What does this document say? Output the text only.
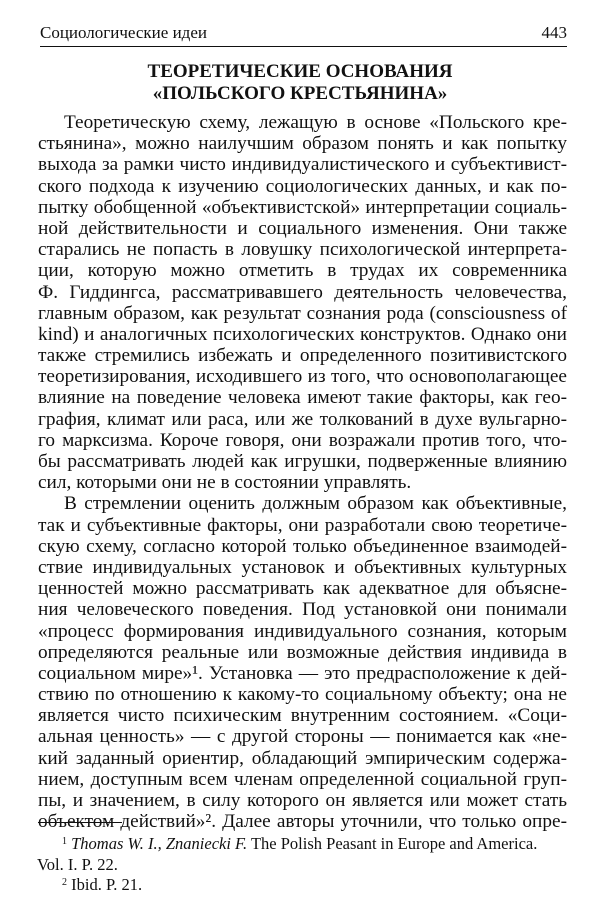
Социологические идеи	443
ТЕОРЕТИЧЕСКИЕ ОСНОВАНИЯ
«ПОЛЬСКОГО КРЕСТЬЯНИНА»
Теоретическую схему, лежащую в основе «Польского кре-
стьянина», можно наилучшим образом понять и как попытку
выхода за рамки чисто индивидуалистического и субъективист-
ского подхода к изучению социологических данных, и как по-
пытку обобщенной «объективистской» интерпретации социаль-
ной действительности и социального изменения. Они также
старались не попасть в ловушку психологической интерпрета-
ции, которую можно отметить в трудах их современника
Ф. Гиддингса, рассматривавшего деятельность человечества,
главным образом, как результат сознания рода (consciousness of
kind) и аналогичных психологических конструктов. Однако они
также стремились избежать и определенного позитивистского
теоретизирования, исходившего из того, что основополагающее
влияние на поведение человека имеют такие факторы, как гео-
графия, климат или раса, или же толкований в духе вульгарно-
го марксизма. Короче говоря, они возражали против того, что-
бы рассматривать людей как игрушки, подверженные влиянию
сил, которыми они не в состоянии управлять.
В стремлении оценить должным образом как объективные,
так и субъективные факторы, они разработали свою теоретиче-
скую схему, согласно которой только объединенное взаимодей-
ствие индивидуальных установок и объективных культурных
ценностей можно рассматривать как адекватное для объясне-
ния человеческого поведения. Под установкой они понимали
«процесс формирования индивидуального сознания, которым
определяются реальные или возможные действия индивида в
социальном мире»¹. Установка — это предрасположение к дей-
ствию по отношению к какому-то социальному объекту; она не
является чисто психическим внутренним состоянием. «Соци-
альная ценность» — с другой стороны — понимается как «не-
кий заданный ориентир, обладающий эмпирическим содержа-
нием, доступным всем членам определенной социальной груп-
пы, и значением, в силу которого он является или может стать
объектом действий»². Далее авторы уточнили, что только опре-
$^1$ Thomas W. I., Znaniecki F. The Polish Peasant in Europe and America.
Vol. I. P. 22.
$^2$ Ibid. P. 21.
